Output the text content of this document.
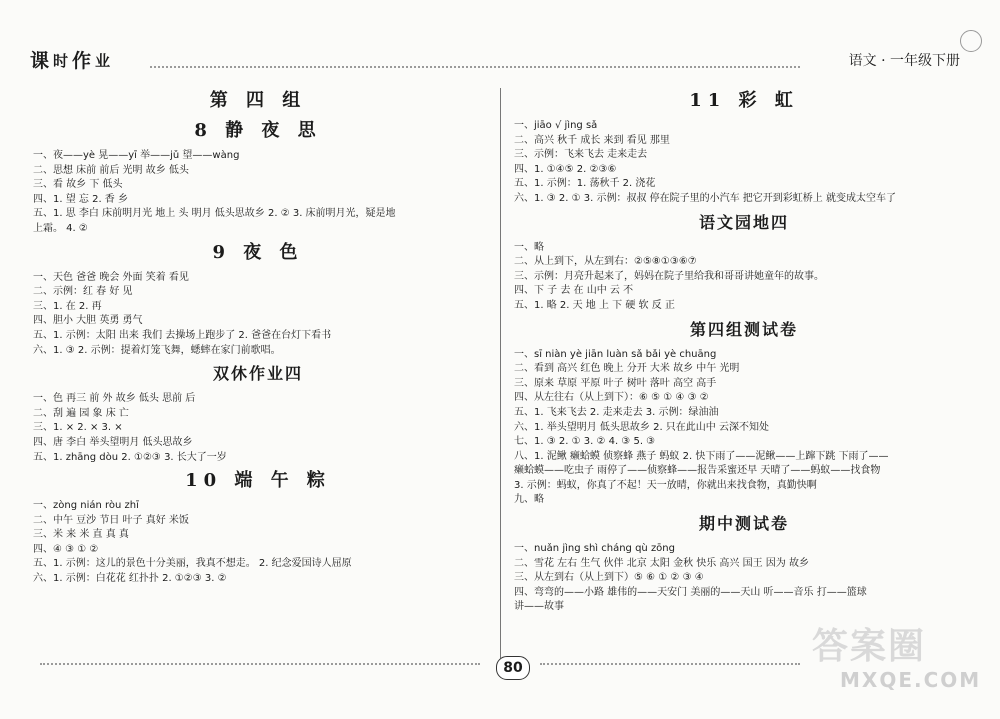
课 时 作 业	语文 · 一年级下册
第 四 组
8 静 夜 思
一、夜——yè 晃——yī 举——jǔ 望——wàng
二、思想 床前 前后 光明 故乡 低头
三、看 故乡 下 低头
四、1. 望 忘 2. 香 乡
五、1. 思 李白 床前明月光 地上 头 明月 低头思故乡 2. ② 3. 床前明月光，疑是地
上霜。 4. ②
9 夜 色
一、天色 爸爸 晚会 外面 笑着 看见
二、示例：红 春 好 见
三、1. 在 2. 再
四、胆小 大胆 英勇 勇气
五、1. 示例：太阳 出来 我们 去操场上跑步了 2. 爸爸在台灯下看书
六、1. ③ 2. 示例：提着灯笼飞舞，蟋蟀在家门前歌唱。
双休作业四
一、色 再三 前 外 故乡 低头 思前 后
二、刮 遍 园 象 床 亡
三、1. × 2. × 3. ×
四、唐 李白 举头望明月 低头思故乡
五、1. zhāng dòu 2. ①②③ 3. 长大了一岁
10 端 午 粽
一、zòng nián ròu zhī
二、中午 豆沙 节日 叶子 真好 米饭
三、米 来 米 直 真 真
四、④ ③ ① ②
五、1. 示例：这儿的景色十分美丽，我真不想走。 2. 纪念爱国诗人屈原
六、1. 示例：白花花 红扑扑 2. ①②③ 3. ②
11 彩 虹
一、jiāo √ jìng sǎ
二、高兴 秋千 成长 来到 看见 那里
三、示例：飞来飞去 走来走去
四、1. ①④⑤ 2. ②③⑥
五、1. 示例：1. 荡秋千 2. 浇花
六、1. ③ 2. ① 3. 示例：叔叔 停在院子里的小汽车 把它开到彩虹桥上 就变成太空车了
语文园地四
一、略
二、从上到下，从左到右：②⑤⑧①③⑥⑦
三、示例：月亮升起来了，妈妈在院子里给我和哥哥讲她童年的故事。
四、下 子 去 在 山中 云 不
五、1. 略 2. 天 地 上 下 硬 软 反 正
第四组测试卷
一、sī niàn yè jiān luàn sǎ bǎi yè chuāng
二、看到 高兴 红色 晚上 分开 大米 故乡 中午 光明
三、原来 草原 平原 叶子 树叶 落叶 高空 高手
四、从左往右（从上到下）：⑥ ⑤ ① ④ ③ ②
五、1. 飞来飞去 2. 走来走去 3. 示例：绿油油
六、1. 举头望明月 低头思故乡 2. 只在此山中 云深不知处
七、1. ③ 2. ① 3. ② 4. ③ 5. ③
八、1. 泥鳅 癞蛤蟆 侦察蜂 燕子 蚂蚁 2. 快下雨了——泥鳅——上蹿下跳 下雨了——
癞蛤蟆——吃虫子 雨停了——侦察蜂——报告采蜜还早 天晴了——蚂蚁——找食物
3. 示例：蚂蚁，你真了不起！天一放晴，你就出来找食物，真勤快啊
九、略
期中测试卷
一、nuǎn jìng shì cháng qù zōng
二、雪花 左右 生气 伙伴 北京 太阳 金秋 快乐 高兴 国王 因为 故乡
三、从左到右（从上到下）⑤ ⑥ ① ② ③ ④
四、弯弯的——小路 雄伟的——天安门 美丽的——天山 听——音乐 打——篮球
讲——故事
80
答案圈
MXQE.COM
